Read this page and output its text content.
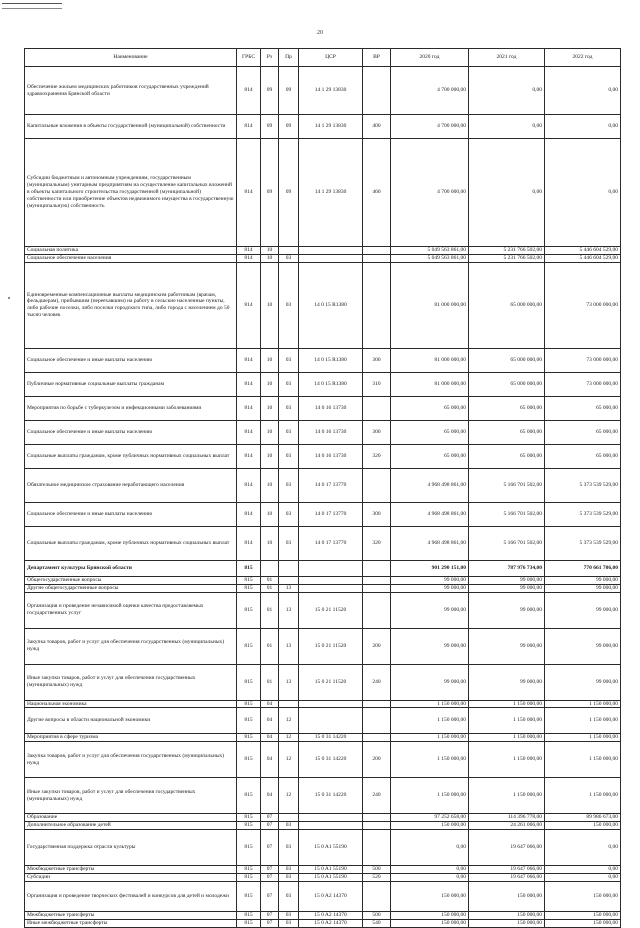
20
Наименование	ГРБС	Рз	Пр	ЦСР	ВР	2020 год	2021 год	2022 год
Обеспечение жильем медицинских работников государственных учреждений здравоохранения Брянской области	814	09	09	14 1 29 13830		4 700 000,00	0,00	0,00
Капитальные вложения в объекты государственной (муниципальной) собственности	814	09	09	14 1 29 13830	400	4 700 000,00	0,00	0,00
Субсидии бюджетным и автономным учреждениям, государственным (муниципальным) унитарным предприятиям на осуществление капитальных вложений в объекты капитального строительства государственной (муниципальной) собственности или приобретение объектов недвижимого имущества в государственную (муниципальную) собственность	814	09	09	14 1 29 13830	460	4 700 000,00	0,00	0,00
Социальная политика	814	10				5 049 563 861,00	5 231 766 502,00	5 446 604 529,00
Социальное обеспечение населения	814	10	03			5 049 563 861,00	5 231 766 502,00	5 446 604 529,00
Единовременные компенсационные выплаты медицинским работникам (врачам, фельдшерам), прибывшим (переехавшим) на работу в сельские населенные пункты, либо рабочие поселки, либо поселки городского типа, либо города с населением до 50 тысяч человек	814	10	03	14 0 15 R1380		81 000 000,00	65 000 000,00	73 000 000,00
Социальное обеспечение и иные выплаты населению	814	10	03	14 0 15 R1380	300	81 000 000,00	65 000 000,00	73 000 000,00
Публичные нормативные социальные выплаты гражданам	814	10	03	14 0 15 R1380	310	81 000 000,00	65 000 000,00	73 000 000,00
Мероприятия по борьбе с туберкулезом и инфекционными заболеваниями	814	10	03	14 0 16 13730		65 000,00	65 000,00	65 000,00
Социальное обеспечение и иные выплаты населению	814	10	03	14 0 16 13730	300	65 000,00	65 000,00	65 000,00
Социальные выплаты гражданам, кроме публичных нормативных социальных выплат	814	10	03	14 0 16 13730	320	65 000,00	65 000,00	65 000,00
Обязательное медицинское страхование неработающего населения	814	10	03	14 0 17 13770		4 968 498 861,00	5 166 701 502,00	5 373 539 529,00
Социальное обеспечение и иные выплаты населению	814	10	03	14 0 17 13770	300	4 968 498 861,00	5 166 701 502,00	5 373 539 529,00
Социальные выплаты гражданам, кроме публичных нормативных социальных выплат	814	10	03	14 0 17 13770	320	4 968 498 861,00	5 166 701 502,00	5 373 539 529,00
Департамент культуры Брянской области	815					901 290 151,00	787 976 734,00	770 661 706,00
Общегосударственные вопросы	815	01				99 000,00	99 000,00	99 000,00
Другие общегосударственные вопросы	815	01	13			99 000,00	99 000,00	99 000,00
Организация и проведение независимой оценки качества предоставляемых государственных услуг	815	01	13	15 0 21 11520		99 000,00	99 000,00	99 000,00
Закупка товаров, работ и услуг для обеспечения государственных (муниципальных) нужд	815	01	13	15 0 21 11520	200	99 000,00	99 000,00	99 000,00
Иные закупки товаров, работ и услуг для обеспечения государственных (муниципальных) нужд	815	01	13	15 0 21 11520	240	99 000,00	99 000,00	99 000,00
Национальная экономика	815	04				1 150 000,00	1 150 000,00	1 150 000,00
Другие вопросы в области национальной экономики	815	04	12			1 150 000,00	1 150 000,00	1 150 000,00
Мероприятия в сфере туризма	815	04	12	15 0 31 14220		1 150 000,00	1 150 000,00	1 150 000,00
Закупка товаров, работ и услуг для обеспечения государственных (муниципальных) нужд	815	04	12	15 0 31 14220	200	1 150 000,00	1 150 000,00	1 150 000,00
Иные закупки товаров, работ и услуг для обеспечения государственных (муниципальных) нужд	815	04	12	15 0 31 14220	240	1 150 000,00	1 150 000,00	1 150 000,00
Образование	815	07				97 252 658,00	114 396 778,00	89 986 673,00
Дополнительное образование детей	815	07	03			150 000,00	24 261 066,00	150 000,00
Государственная поддержка отрасли культуры	815	07	03	15 0 A1 55190		0,00	19 647 066,00	0,00
Межбюджетные трансферты	815	07	03	15 0 A1 55190	500	0,00	19 647 066,00	0,00
Субсидии	815	07	03	15 0 A1 55190	520	0,00	19 647 066,00	0,00
Организация и проведение творческих фестивалей и конкурсов для детей и молодежи	815	07	03	15 0 A2 14370		150 000,00	150 000,00	150 000,00
Межбюджетные трансферты	815	07	03	15 0 A2 14370	500	150 000,00	150 000,00	150 000,00
Иные межбюджетные трансферты	815	07	03	15 0 A2 14370	540	150 000,00	150 000,00	150 000,00
